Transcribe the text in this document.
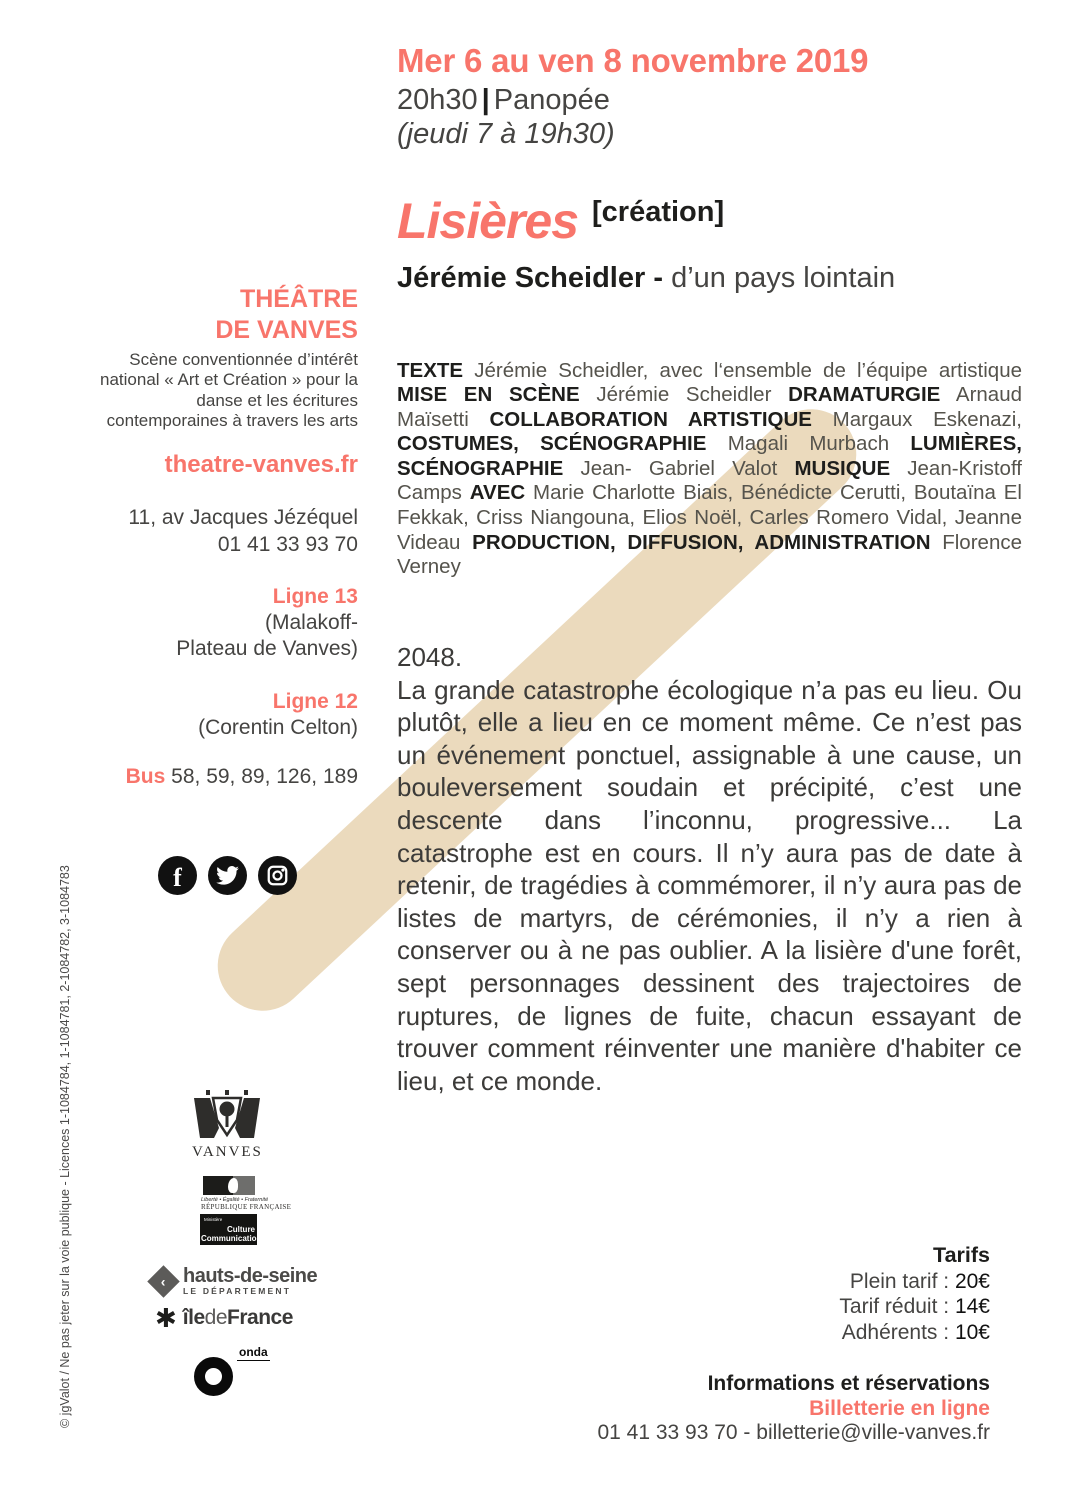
Mer 6 au ven 8 novembre 2019
20h30 | Panopée
(jeudi 7 à 19h30)
Lisières [création]
Jérémie Scheidler - d’un pays lointain

TEXTE Jérémie Scheidler, avec l‘ensemble de l’équipe artistique MISE EN SCÈNE Jérémie Scheidler DRAMATURGIE Arnaud Maïsetti COLLABORATION ARTISTIQUE Margaux Eskenazi, COSTUMES, SCÉNOGRAPHIE Magali Murbach LUMIÈRES, SCÉNOGRAPHIE Jean- Gabriel Valot MUSIQUE Jean-Kristoff Camps AVEC Marie Charlotte Biais, Bénédicte Cerutti, Boutaïna El Fekkak, Criss Niangouna, Elios Noël, Carles Romero Vidal, Jeanne Videau PRODUCTION, DIFFUSION, ADMINISTRATION Florence Verney

2048.
La grande catastrophe écologique n’a pas eu lieu. Ou plutôt, elle a lieu en ce moment même. Ce n’est pas un événement ponctuel, assignable à une cause, un bouleversement soudain et précipité, c’est une descente dans l’inconnu, progressive... La catastrophe est en cours. Il n’y aura pas de date à retenir, de tragédies à commémorer, il n’y aura pas de listes de martyrs, de cérémonies, il n’y a rien à conserver ou à ne pas oublier. A la lisière d'une forêt, sept personnages dessinent des trajectoires de ruptures, de lignes de fuite, chacun essayant de trouver comment réinventer une manière d'habiter ce lieu, et ce monde.
THÉÂTRE
DE VANVES
Scène conventionnée d’intérêt national « Art et Création » pour la danse et les écritures contemporaines à travers les arts
theatre-vanves.fr
11, av Jacques Jézéquel
01 41 33 93 70
Ligne 13
(Malakoff-
Plateau de Vanves)
Ligne 12
(Corentin Celton)
Bus 58, 59, 89, 126, 189
f
VANVES
Liberté • Égalité • Fraternité
RÉPUBLIQUE FRANÇAISE
Ministère
Culture
Communication
‹ hauts-de-seine
LE DÉPARTEMENT
✱ îledeFrance
onda
Tarifs
Plein tarif : 20€
Tarif réduit : 14€
Adhérents : 10€
Informations et réservations
Billetterie en ligne
01 41 33 93 70 - billetterie@ville-vanves.fr
© jgValot / Ne pas jeter sur la voie publique - Licences 1-1084784, 1-1084781, 2-1084782, 3-1084783
